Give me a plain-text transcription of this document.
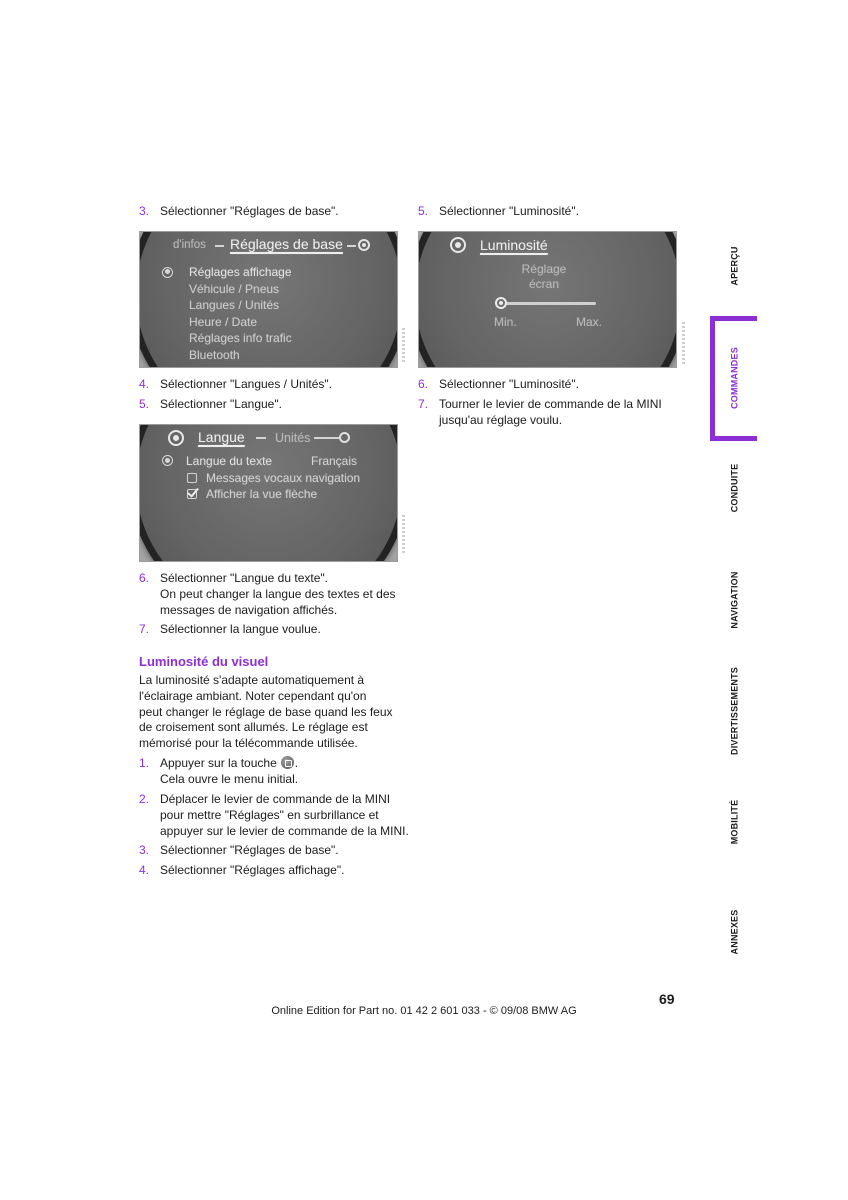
3. Sélectionner "Réglages de base".
d'infos Réglages de base
Réglages affichage
Véhicule / Pneus
Langues / Unités
Heure / Date
Réglages info trafic
Bluetooth
4. Sélectionner "Langues / Unités".
5. Sélectionner "Langue".
Langue Unités
Langue du texte	Français
Messages vocaux navigation
Afficher la vue flèche
6. Sélectionner "Langue du texte".
On peut changer la langue des textes et des
messages de navigation affichés.
7. Sélectionner la langue voulue.
Luminosité du visuel
La luminosité s'adapte automatiquement à
l'éclairage ambiant. Noter cependant qu'on
peut changer le réglage de base quand les feux
de croisement sont allumés. Le réglage est
mémorisé pour la télécommande utilisée.
1. Appuyer sur la touche .
Cela ouvre le menu initial.
2. Déplacer le levier de commande de la MINI
pour mettre "Réglages" en surbrillance et
appuyer sur le levier de commande de la MINI.
3. Sélectionner "Réglages de base".
4. Sélectionner "Réglages affichage".
5. Sélectionner "Luminosité".
Luminosité
Réglage
écran
Min.	Max.
6. Sélectionner "Luminosité".
7. Tourner le levier de commande de la MINI
jusqu'au réglage voulu.
APERÇU
COMMANDES
CONDUITE
NAVIGATION
DIVERTISSEMENTS
MOBILITÉ
ANNEXES
69
Online Edition for Part no. 01 42 2 601 033 - © 09/08 BMW AG
